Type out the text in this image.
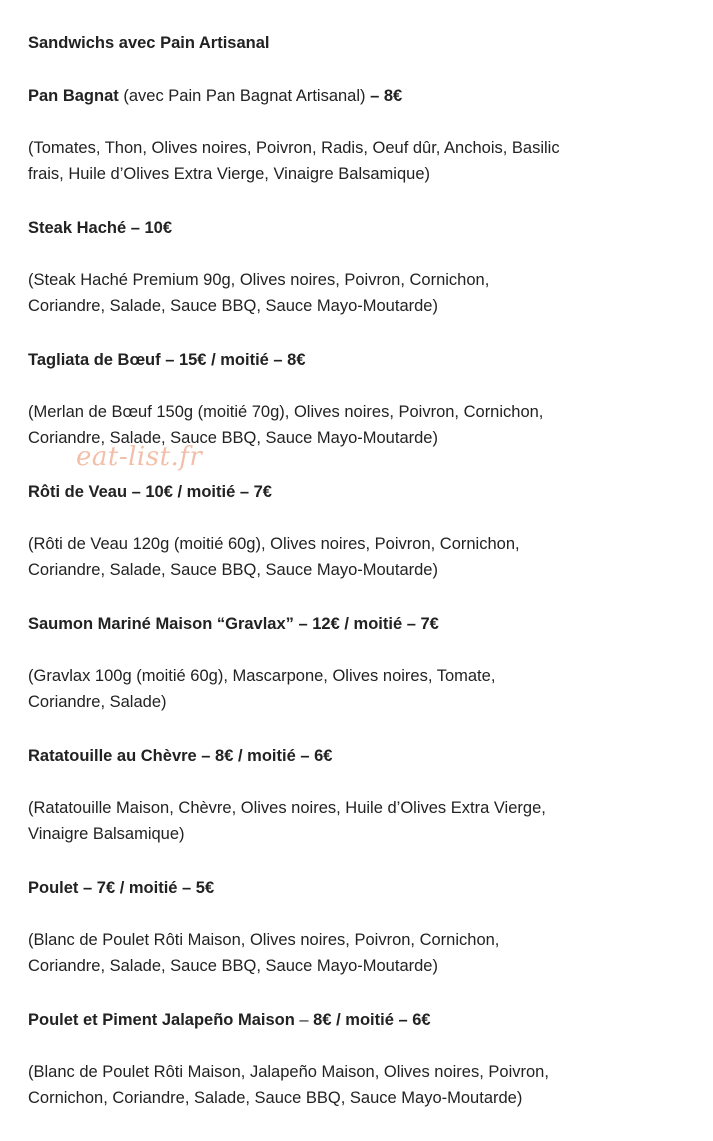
Sandwichs avec Pain Artisanal

Pan Bagnat (avec Pain Pan Bagnat Artisanal) – 8€

(Tomates, Thon, Olives noires, Poivron, Radis, Oeuf dûr, Anchois, Basilic
frais, Huile d’Olives Extra Vierge, Vinaigre Balsamique)

Steak Haché – 10€

(Steak Haché Premium 90g, Olives noires, Poivron, Cornichon,
Coriandre, Salade, Sauce BBQ, Sauce Mayo-Moutarde)

Tagliata de Bœuf – 15€ / moitié – 8€

(Merlan de Bœuf 150g (moitié 70g), Olives noires, Poivron, Cornichon,
Coriandre, Salade, Sauce BBQ, Sauce Mayo-Moutarde)

Rôti de Veau – 10€ / moitié – 7€

(Rôti de Veau 120g (moitié 60g), Olives noires, Poivron, Cornichon,
Coriandre, Salade, Sauce BBQ, Sauce Mayo-Moutarde)

Saumon Mariné Maison “Gravlax” – 12€ / moitié – 7€

(Gravlax 100g (moitié 60g), Mascarpone, Olives noires, Tomate,
Coriandre, Salade)

Ratatouille au Chèvre – 8€ / moitié – 6€

(Ratatouille Maison, Chèvre, Olives noires, Huile d’Olives Extra Vierge,
Vinaigre Balsamique)

Poulet – 7€ / moitié – 5€

(Blanc de Poulet Rôti Maison, Olives noires, Poivron, Cornichon,
Coriandre, Salade, Sauce BBQ, Sauce Mayo-Moutarde)

Poulet et Piment Jalapeño Maison – 8€ / moitié – 6€

(Blanc de Poulet Rôti Maison, Jalapeño Maison, Olives noires, Poivron,
Cornichon, Coriandre, Salade, Sauce BBQ, Sauce Mayo-Moutarde)

eat-list.fr
